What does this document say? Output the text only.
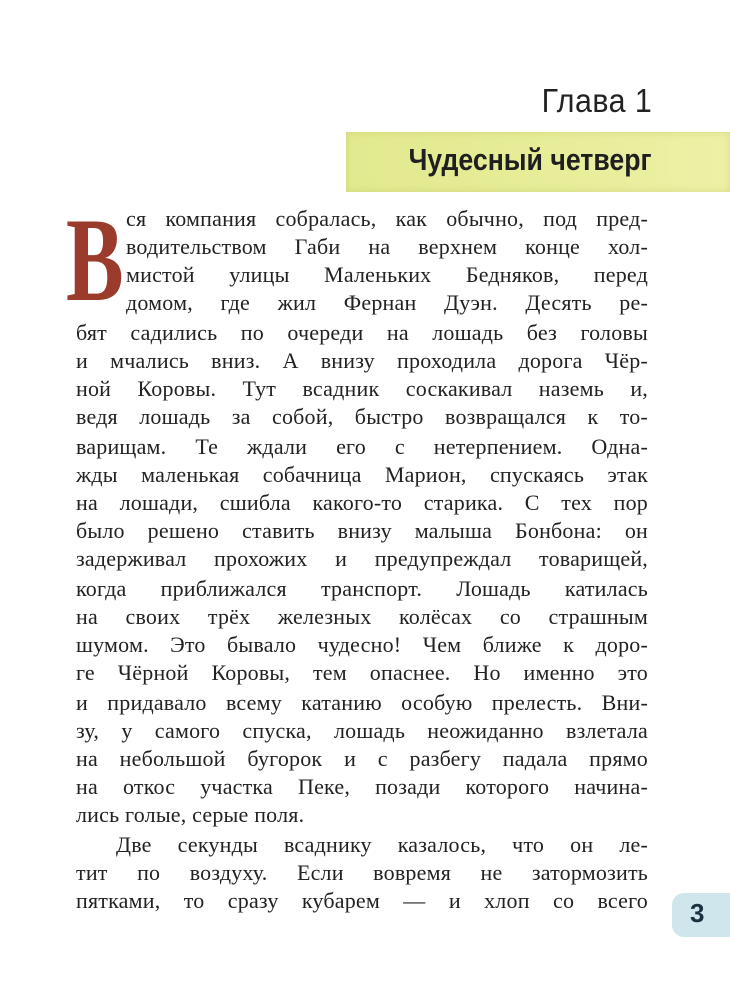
Глава 1
Чудесный четверг
В ся компания собралась, как обычно, под пред-
водительством Габи на верхнем конце хол-
мистой улицы Маленьких Бедняков, перед
домом, где жил Фернан Дуэн. Десять ре-
бят садились по очереди на лошадь без головы
и мчались вниз. А внизу проходила дорога Чёр-
ной Коровы. Тут всадник соскакивал наземь и,
ведя лошадь за собой, быстро возвращался к то-
варищам. Те ждали его с нетерпением. Однa-
жды маленькая собачница Марион, спускаясь этак
на лошади, сшибла какого-то старика. С тех пор
было решено ставить внизу малыша Бонбона: он
задерживал прохожих и предупреждал товарищей,
когда приближался транспорт. Лошадь катилась
на своих трёх железных колёсах со страшным
шумом. Это бывало чудесно! Чем ближе к доро-
ге Чёрной Коровы, тем опаснее. Но именно это
и придавало всему катанию особую прелесть. Вни-
зу, у самого спуска, лошадь неожиданно взлетала
на небольшой бугорок и с разбегу падала прямо
на откос участка Пеке, позади которого начина-
лись голые, серые поля.
Две секунды всаднику казалось, что он ле-
тит по воздуху. Если вовремя не затормозить
пятками, то сразу кубарем — и хлоп со всего 3
